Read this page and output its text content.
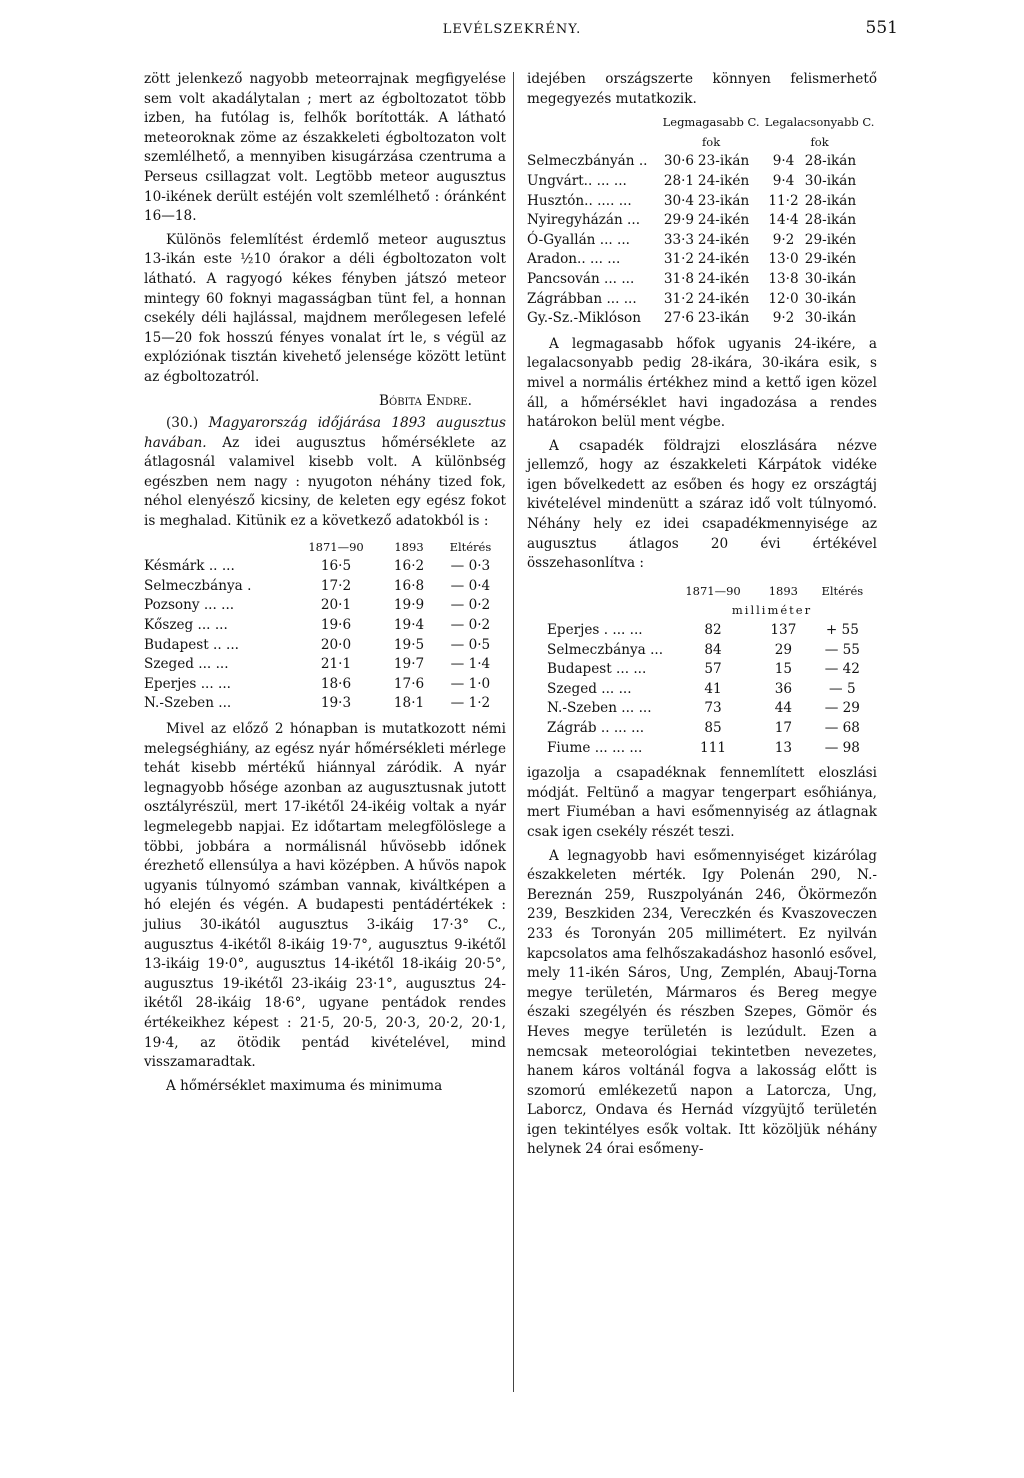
LEVÉLSZEKRÉNY.	551

zött jelenkező nagyobb meteorrajnak megfigyelése sem volt akadálytalan ; mert az égboltozatot több izben, ha futólag is, felhők borították. A látható meteoroknak zöme az északkeleti égboltozaton volt szemlélhető, a mennyiben kisugárzása czentruma a Perseus csillagzat volt. Legtöbb meteor augusztus 10-ikének derült estéjén volt szemlélhető : óránként 16—18.

Különös felemlítést érdemlő meteor augusztus 13-ikán este ½10 órakor a déli égboltozaton volt látható. A ragyogó kékes fényben játszó meteor mintegy 60 foknyi magasságban tünt fel, a honnan csekély déli hajlással, majdnem merőlegesen lefelé 15—20 fok hosszú fényes vonalat írt le, s végül az explóziónak tisztán kivehető jelensége között letünt az égboltozatról.

Bóbita Endre.

(30.) Magyarország időjárása 1893 augusztus havában. Az idei augusztus hőmérséklete az átlagosnál valamivel kisebb volt. A különbség egészben nem nagy : nyugoton néhány tized fok, néhol elenyésző kicsiny, de keleten egy egész fokot is meghalad. Kitünik ez a következő adatokból is :

	1871—90	1893	Eltérés
Késmárk .. ...	16·5	16·2	— 0·3
Selmeczbánya .	17·2	16·8	— 0·4
Pozsony ... ...	20·1	19·9	— 0·2
Kőszeg ... ...	19·6	19·4	— 0·2
Budapest .. ...	20·0	19·5	— 0·5
Szeged ... ...	21·1	19·7	— 1·4
Eperjes ... ...	18·6	17·6	— 1·0
N.-Szeben ...	19·3	18·1	— 1·2

Mivel az előző 2 hónapban is mutatkozott némi melegséghiány, az egész nyár hőmérsékleti mérlege tehát kisebb mértékű hiánnyal záródik. A nyár legnagyobb hősége azonban az augusztusnak jutott osztályrészül, mert 17-ikétől 24-ikéig voltak a nyár legmelegebb napjai. Ez időtartam melegfölöslege a többi, jobbára a normálisnál hűvösebb időnek érezhető ellensúlya a havi középben. A hűvös napok ugyanis túlnyomó számban vannak, kiváltképen a hó elején és végén. A budapesti pentádértékek : julius 30-ikától augusztus 3-ikáig 17·3° C., augusztus 4-ikétől 8-ikáig 19·7°, augusztus 9-ikétől 13-ikáig 19·0°, augusztus 14-ikétől 18-ikáig 20·5°, augusztus 19-ikétől 23-ikáig 23·1°, augusztus 24-ikétől 28-ikáig 18·6°, ugyane pentádok rendes értékeikhez képest : 21·5, 20·5, 20·3, 20·2, 20·1, 19·4, az ötödik pentád kivételével, mind visszamaradtak.

A hőmérséklet maximuma és minimuma

idejében országszerte könnyen felismerhető megegyezés mutatkozik.

	Legmagasabb C. fok		Legalacsonyabb C. fok	
Selmeczbányán ..	30·6	23-ikán	9·4	28-ikán
Ungvárt.. ... ...	28·1	24-ikén	9·4	30-ikán
Husztón.. .... ...	30·4	23-ikán	11·2	28-ikán
Nyiregyházán ...	29·9	24-ikén	14·4	28-ikán
Ó-Gyallán ... ...	33·3	24-ikén	9·2	29-ikén
Aradon.. ... ...	31·2	24-ikén	13·0	29-ikén
Pancsován ... ...	31·8	24-ikén	13·8	30-ikán
Zágrábban ... ...	31·2	24-ikén	12·0	30-ikán
Gy.-Sz.-Miklóson	27·6	23-ikán	9·2	30-ikán

A legmagasabb hőfok ugyanis 24-ikére, a legalacsonyabb pedig 28-ikára, 30-ikára esik, s mivel a normális értékhez mind a kettő igen közel áll, a hőmérséklet havi ingadozása a rendes határokon belül ment végbe.

A csapadék földrajzi eloszlására nézve jellemző, hogy az északkeleti Kárpátok vidéke igen bővelkedett az esőben és hogy ez országtáj kivételével mindenütt a száraz idő volt túlnyomó. Néhány hely ez idei csapadékmennyisége az augusztus átlagos 20 évi értékével összehasonlítva :

	1871—90	1893	Eltérés
	milliméter		
Eperjes . ... ...	82	137	+ 55
Selmeczbánya ...	84	29	— 55
Budapest ... ...	57	15	— 42
Szeged ... ...	41	36	— 5
N.-Szeben ... ...	73	44	— 29
Zágráb .. ... ...	85	17	— 68
Fiume ... ... ...	111	13	— 98

igazolja a csapadéknak fennemlített eloszlási módját. Feltünő a magyar tengerpart esőhiánya, mert Fiuméban a havi esőmennyiség az átlagnak csak igen csekély részét teszi.

A legnagyobb havi esőmennyiséget kizárólag északkeleten mérték. Igy Polenán 290, N.-Bereznán 259, Ruszpolyánán 246, Ökörmezőn 239, Beszkiden 234, Vereczkén és Kvaszoveczen 233 és Toronyán 205 millimétert. Ez nyilván kapcsolatos ama felhőszakadáshoz hasonló esővel, mely 11-ikén Sáros, Ung, Zemplén, Abauj-Torna megye területén, Mármaros és Bereg megye északi szegélyén és részben Szepes, Gömör és Heves megye területén is lezúdult. Ezen a nemcsak meteorológiai tekintetben nevezetes, hanem káros voltánál fogva a lakosság előtt is szomorú emlékezetű napon a Latorcza, Ung, Laborcz, Ondava és Hernád vízgyüjtő területén igen tekintélyes esők voltak. Itt közöljük néhány helynek 24 órai esőmeny-
